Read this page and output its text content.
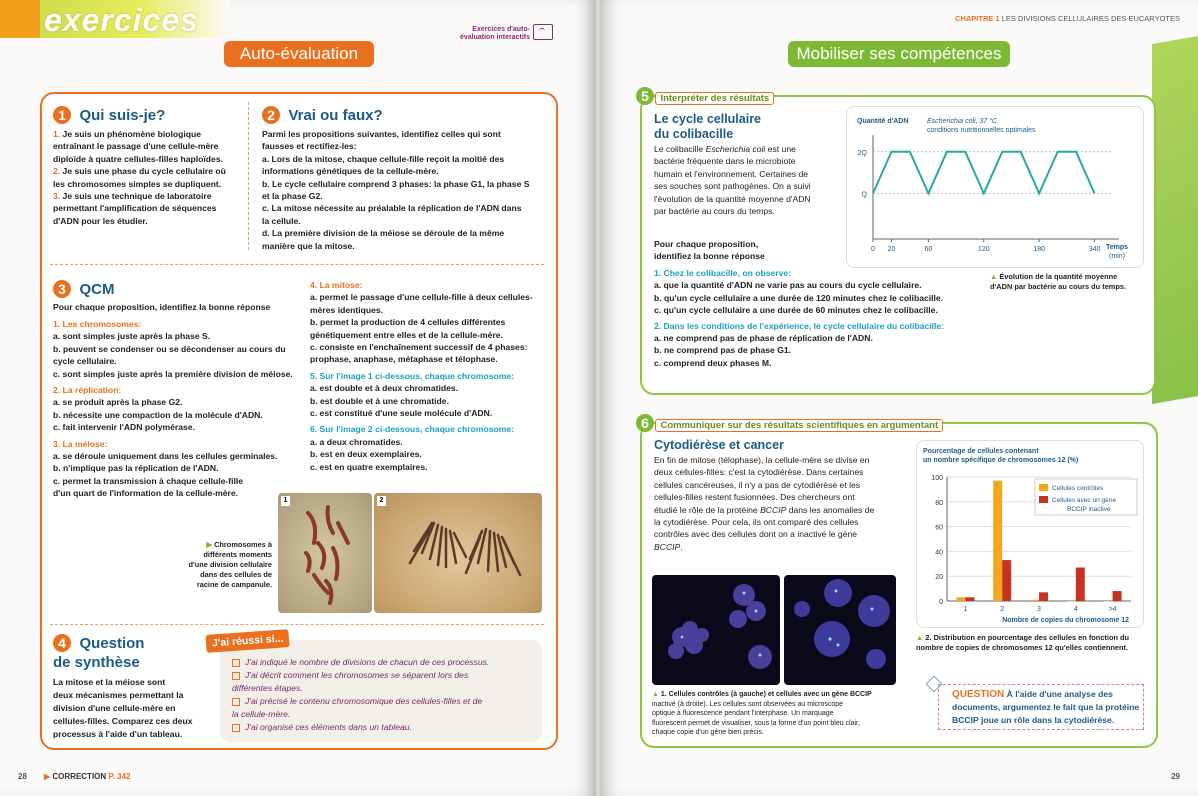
exercices	Exercices d'auto-
évaluation interactifs
Auto-évaluation
1 Qui suis-je?
1. Je suis un phénomène biologique
entraînant le passage d'une cellule-mère
diploïde à quatre cellules-filles haploïdes.
2. Je suis une phase du cycle cellulaire où
les chromosomes simples se dupliquent.
3. Je suis une technique de laboratoire
permettant l'amplification de séquences
d'ADN pour les étudier.
2 Vrai ou faux?
Parmi les propositions suivantes, identifiez celles qui sont
fausses et rectifiez-les:
a. Lors de la mitose, chaque cellule-fille reçoit la moitié des
informations génétiques de la cellule-mère.
b. Le cycle cellulaire comprend 3 phases: la phase G1, la phase S
et la phase G2.
c. La mitose nécessite au préalable la réplication de l'ADN dans
la cellule.
d. La première division de la méiose se déroule de la même
manière que la mitose.
3 QCM
Pour chaque proposition, identifiez la bonne réponse
1. Les chromosomes:
a. sont simples juste après la phase S.
b. peuvent se condenser ou se décondenser au cours du
cycle cellulaire.
c. sont simples juste après la première division de méiose.
2. La réplication:
a. se produit après la phase G2.
b. nécessite une compaction de la molécule d'ADN.
c. fait intervenir l'ADN polymérase.
3. La méiose:
a. se déroule uniquement dans les cellules germinales.
b. n'implique pas la réplication de l'ADN.
c. permet la transmission à chaque cellule-fille
d'un quart de l'information de la cellule-mère.
4. La mitose:
a. permet le passage d'une cellule-fille à deux cellules-
mères identiques.
b. permet la production de 4 cellules différentes
génétiquement entre elles et de la cellule-mère.
c. consiste en l'enchaînement successif de 4 phases:
prophase, anaphase, métaphase et télophase.
5. Sur l'image 1 ci-dessous, chaque chromosome:
a. est double et à deux chromatides.
b. est double et à une chromatide.
c. est constitué d'une seule molécule d'ADN.
6. Sur l'image 2 ci-dessous, chaque chromosome:
a. a deux chromatides.
b. est en deux exemplaires.
c. est en quatre exemplaires.
▶ Chromosomes à
différents moments
d'une division cellulaire
dans des cellules de
racine de campanule.
1	2
4 Question
de synthèse
La mitose et la méiose sont
deux mécanismes permettant la
division d'une cellule-mère en
cellules-filles. Comparez ces deux
processus à l'aide d'un tableau.
J'ai réussi si...
J'ai indiqué le nombre de divisions de chacun de ces processus.
J'ai décrit comment les chromosomes se séparent lors des
différentes étapes.
J'ai précisé le contenu chromosomique des cellules-filles et de
la cellule-mère.
J'ai organisé ces éléments dans un tableau.
28 ▶ CORRECTION P. 342
CHAPITRE 1 LES DIVISIONS CELLULAIRES DES EUCARYOTES
Mobiliser ses compétences
5 Interpréter des résultats
Le cycle cellulaire
du colibacille
Le colibacille Escherichia coli est une
bactérie fréquente dans le microbiote
humain et l'environnement. Certaines de
ses souches sont pathogènes. On a suivi
l'évolution de la quantité moyenne d'ADN
par bactérie au cours du temps.
Pour chaque proposition,
identifiez la bonne réponse
1. Chez le colibacille, on observe:
a. que la quantité d'ADN ne varie pas au cours du cycle cellulaire.
b. qu'un cycle cellulaire a une durée de 120 minutes chez le colibacille.
c. qu'un cycle cellulaire a une durée de 60 minutes chez le colibacille.
2. Dans les conditions de l'expérience, le cycle cellulaire du colibacille:
a. ne comprend pas de phase de réplication de l'ADN.
b. ne comprend pas de phase G1.
c. comprend deux phases M.
Quantité d'ADN	Escherichia coli, 37 °C
conditions nutritionnelles optimales
Q
2Q
0 20	60	120	180	340 Temps
(min)
▲ Évolution de la quantité moyenne
d'ADN par bactérie au cours du temps.
6 Communiquer sur des résultats scientifiques en argumentant
Cytodiérèse et cancer
En fin de mitose (télophase), la cellule-mère se divise en
deux cellules-filles: c'est la cytodiérèse. Dans certaines
cellules cancéreuses, il n'y a pas de cytodiérèse et les
cellules-filles restent fusionnées. Des chercheurs ont
étudié le rôle de la protéine BCCIP dans les anomalies de
la cytodiérèse. Pour cela, ils ont comparé des cellules
contrôles avec des cellules dont on a inactivé le gène
BCCIP.
▲ 1. Cellules contrôles (à gauche) et cellules avec un gène BCCIP
inactivé (à droite). Les cellules sont observées au microscope
optique à fluorescence pendant l'interphase. Un marquage
fluorescent permet de visualiser, sous la forme d'un point bleu clair,
chaque copie d'un gène bien précis.
Pourcentage de cellules contenant
un nombre spécifique de chromosomes 12 (%)
0
20
40
60
80
100
1	2	3	4	>4
Nombre de copies du chromosome 12
Cellules contrôles
Cellules avec un gène
BCCIP inactivé
▲ 2. Distribution en pourcentage des cellules en fonction du
nombre de copies de chromosomes 12 qu'elles contiennent.
QUESTION À l'aide d'une analyse des
documents, argumentez le fait que la protéine
BCCIP joue un rôle dans la cytodiérèse.
29
